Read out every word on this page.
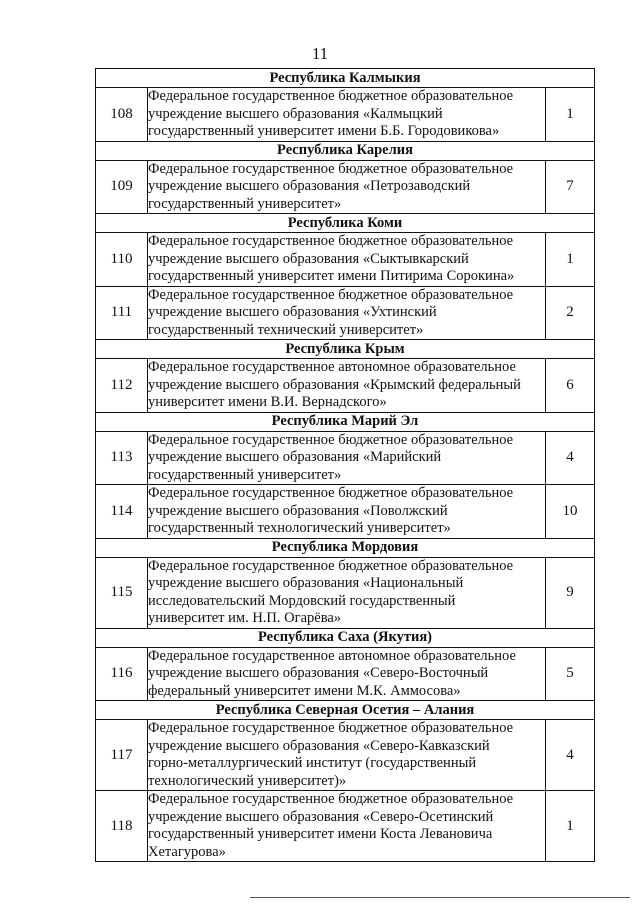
11
Республика Калмыкия		
108	Федеральное государственное бюджетное образовательное
учреждение высшего образования «Калмыцкий
государственный университет имени Б.Б. Городовикова»	1
Республика Карелия		
109	Федеральное государственное бюджетное образовательное
учреждение высшего образования «Петрозаводский
государственный университет»	7
Республика Коми		
110	Федеральное государственное бюджетное образовательное
учреждение высшего образования «Сыктывкарский
государственный университет имени Питирима Сорокина»	1
111	Федеральное государственное бюджетное образовательное
учреждение высшего образования «Ухтинский
государственный технический университет»	2
Республика Крым		
112	Федеральное государственное автономное образовательное
учреждение высшего образования «Крымский федеральный
университет имени В.И. Вернадского»	6
Республика Марий Эл		
113	Федеральное государственное бюджетное образовательное
учреждение высшего образования «Марийский
государственный университет»	4
114	Федеральное государственное бюджетное образовательное
учреждение высшего образования «Поволжский
государственный технологический университет»	10
Республика Мордовия		
115	Федеральное государственное бюджетное образовательное
учреждение высшего образования «Национальный
исследовательский Мордовский государственный
университет им. Н.П. Огарёва»	9
Республика Саха (Якутия)		
116	Федеральное государственное автономное образовательное
учреждение высшего образования «Северо-Восточный
федеральный университет имени М.К. Аммосова»	5
Республика Северная Осетия – Алания		
117	Федеральное государственное бюджетное образовательное
учреждение высшего образования «Северо-Кавказский
горно-металлургический институт (государственный
технологический университет)»	4
118	Федеральное государственное бюджетное образовательное
учреждение высшего образования «Северо-Осетинский
государственный университет имени Коста Левановича
Хетагурова»	1
